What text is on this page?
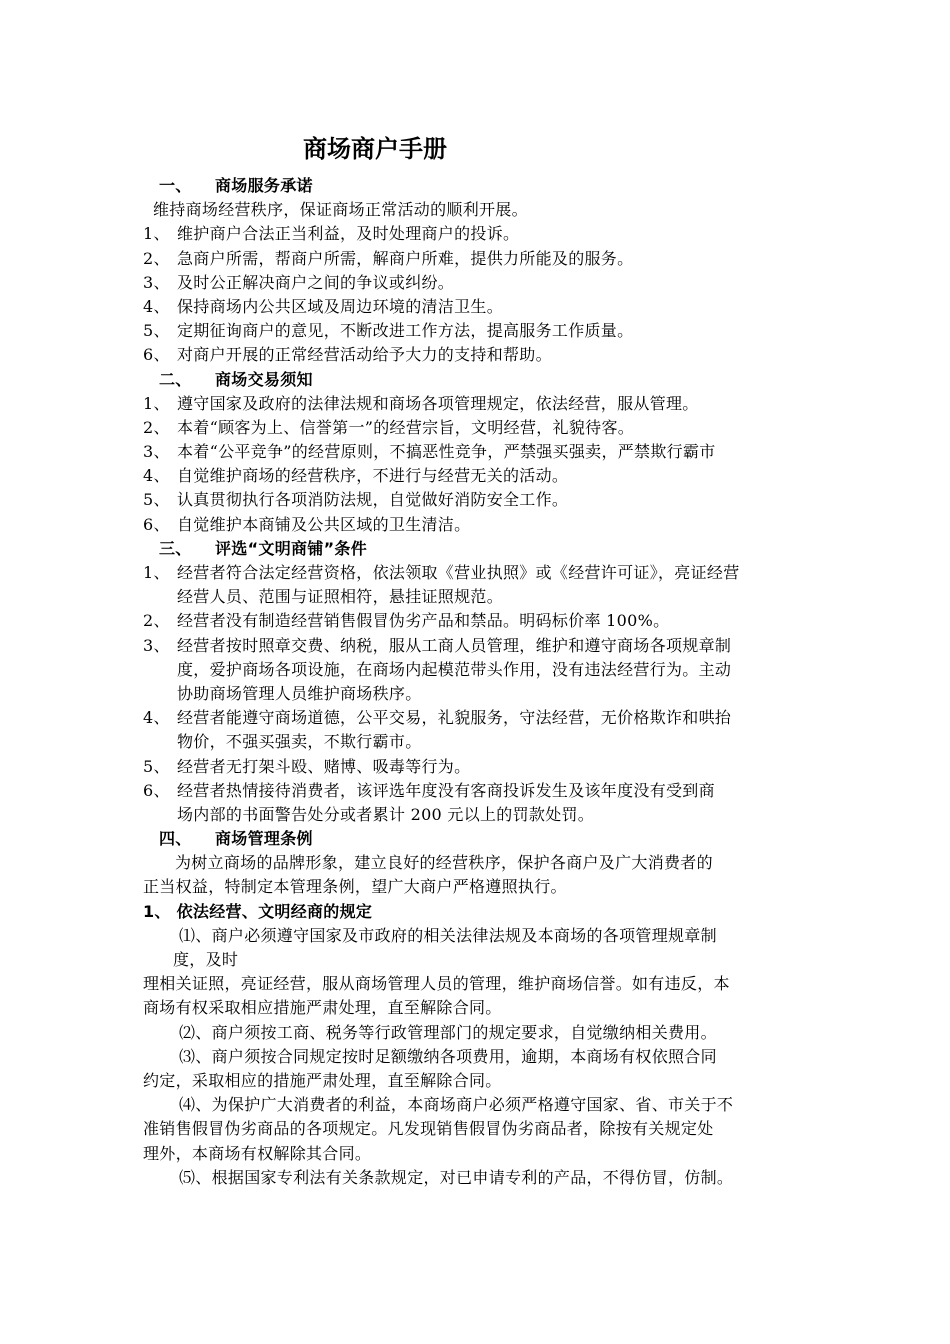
商场商户手册
一、 商场服务承诺
维持商场经营秩序，保证商场正常活动的顺利开展。
1、 维护商户合法正当利益，及时处理商户的投诉。
2、 急商户所需，帮商户所需，解商户所难，提供力所能及的服务。
3、 及时公正解决商户之间的争议或纠纷。
4、 保持商场内公共区域及周边环境的清洁卫生。
5、 定期征询商户的意见，不断改进工作方法，提高服务工作质量。
6、 对商户开展的正常经营活动给予大力的支持和帮助。
二、 商场交易须知
1、 遵守国家及政府的法律法规和商场各项管理规定，依法经营，服从管理。
2、 本着“顾客为上、信誉第一”的经营宗旨，文明经营，礼貌待客。
3、 本着“公平竞争”的经营原则，不搞恶性竞争，严禁强买强卖，严禁欺行霸市
4、 自觉维护商场的经营秩序，不进行与经营无关的活动。
5、 认真贯彻执行各项消防法规，自觉做好消防安全工作。
6、 自觉维护本商铺及公共区域的卫生清洁。
三、 评选“文明商铺”条件
1、 经营者符合法定经营资格，依法领取《营业执照》或《经营许可证》，亮证经营
经营人员、范围与证照相符，悬挂证照规范。
2、 经营者没有制造经营销售假冒伪劣产品和禁品。明码标价率 100%。
3、 经营者按时照章交费、纳税，服从工商人员管理，维护和遵守商场各项规章制
度，爱护商场各项设施，在商场内起模范带头作用，没有违法经营行为。主动
协助商场管理人员维护商场秩序。
4、 经营者能遵守商场道德，公平交易，礼貌服务，守法经营，无价格欺诈和哄抬
物价，不强买强卖，不欺行霸市。
5、 经营者无打架斗殴、赌博、吸毒等行为。
6、 经营者热情接待消费者，该评选年度没有客商投诉发生及该年度没有受到商
场内部的书面警告处分或者累计 200 元以上的罚款处罚。
四、 商场管理条例
为树立商场的品牌形象，建立良好的经营秩序，保护各商户及广大消费者的
正当权益，特制定本管理条例，望广大商户严格遵照执行。
1、 依法经营、文明经商的规定
⑴、商户必须遵守国家及市政府的相关法律法规及本商场的各项管理规章制
度，及时
理相关证照，亮证经营，服从商场管理人员的管理，维护商场信誉。如有违反，本
商场有权采取相应措施严肃处理，直至解除合同。
⑵、商户须按工商、税务等行政管理部门的规定要求，自觉缴纳相关费用。
⑶、商户须按合同规定按时足额缴纳各项费用，逾期，本商场有权依照合同
约定，采取相应的措施严肃处理，直至解除合同。
⑷、为保护广大消费者的利益，本商场商户必须严格遵守国家、省、市关于不
准销售假冒伪劣商品的各项规定。凡发现销售假冒伪劣商品者，除按有关规定处
理外，本商场有权解除其合同。
⑸、根据国家专利法有关条款规定，对已申请专利的产品，不得仿冒，仿制。
